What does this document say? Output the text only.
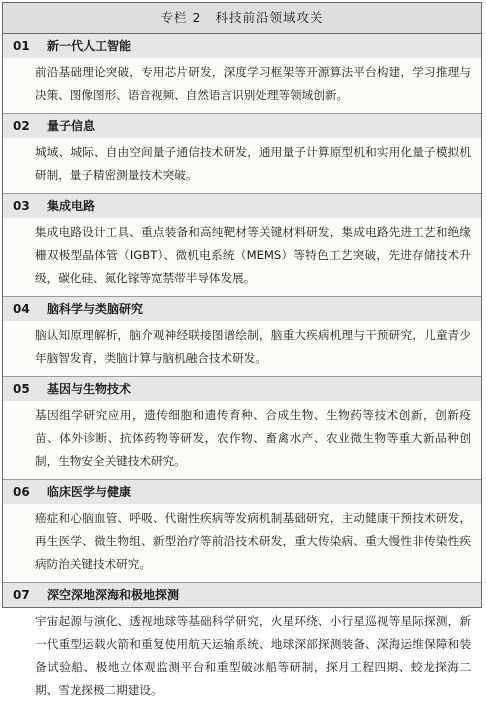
专栏 2 科技前沿领域攻关
01 新一代人工智能
前沿基础理论突破，专用芯片研发，深度学习框架等开源算法平台构建，学习推理与决策、图像图形、语音视频、自然语言识别处理等领域创新。
02 量子信息
城域、城际、自由空间量子通信技术研发，通用量子计算原型机和实用化量子模拟机研制，量子精密测量技术突破。
03 集成电路
集成电路设计工具、重点装备和高纯靶材等关键材料研发，集成电路先进工艺和绝缘栅双极型晶体管（IGBT）、微机电系统（MEMS）等特色工艺突破，先进存储技术升级，碳化硅、氮化镓等宽禁带半导体发展。
04 脑科学与类脑研究
脑认知原理解析，脑介观神经联接图谱绘制，脑重大疾病机理与干预研究，儿童青少年脑智发育，类脑计算与脑机融合技术研发。
05 基因与生物技术
基因组学研究应用，遗传细胞和遗传育种、合成生物、生物药等技术创新，创新疫苗、体外诊断、抗体药物等研发，农作物、畜禽水产、农业微生物等重大新品种创制，生物安全关键技术研究。
06 临床医学与健康
癌症和心脑血管、呼吸、代谢性疾病等发病机制基础研究，主动健康干预技术研发，再生医学、微生物组、新型治疗等前沿技术研发，重大传染病、重大慢性非传染性疾病防治关键技术研究。
07 深空深地深海和极地探测
宇宙起源与演化、透视地球等基础科学研究，火星环绕、小行星巡视等星际探测，新一代重型运载火箭和重复使用航天运输系统、地球深部探测装备、深海运维保障和装备试验船、极地立体观监测平台和重型破冰船等研制，探月工程四期、蛟龙探海二期、雪龙探极二期建设。
